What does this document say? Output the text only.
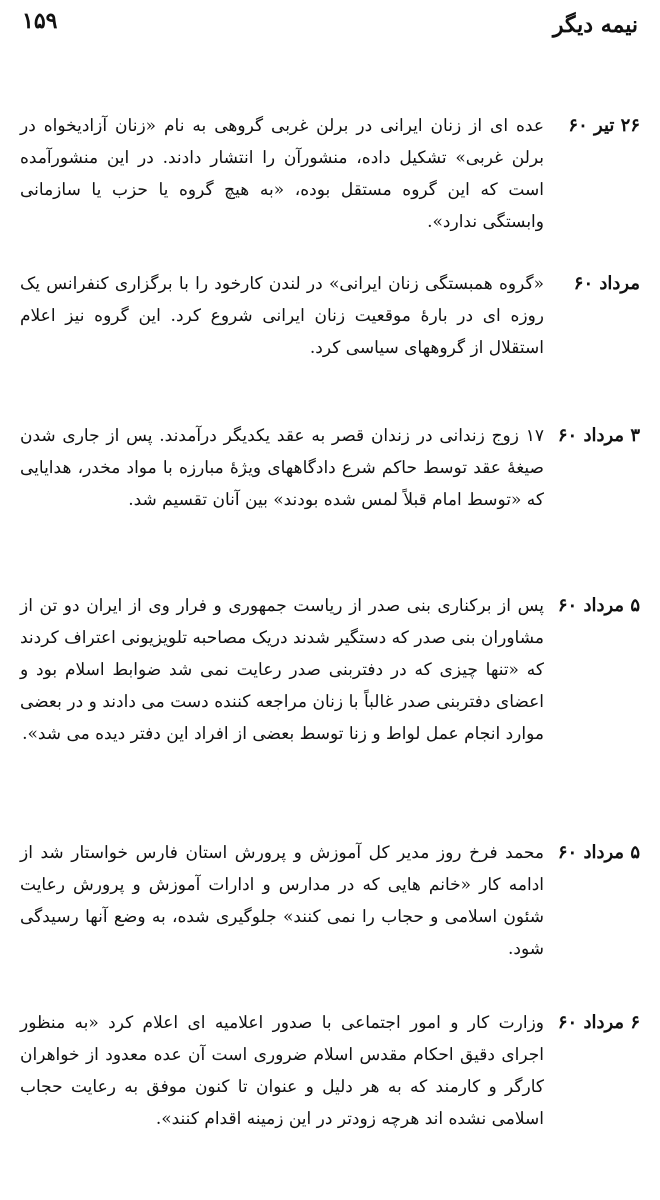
نیمه دیگر
۱۵۹
۲۶ تیر ۶۰

عده ای از زنان ایرانی در برلن غربی گروهی به نام «زنان آزادیخواه در برلن غربی» تشکیل داده، منشورآن را انتشار دادند. در این منشورآمده است که این گروه مستقل بوده، «به هیچ گروه یا حزب یا سازمانی وابستگی ندارد».

مرداد ۶۰

«گروه همبستگی زنان ایرانی» در لندن کارخود را با برگزاری کنفرانس یک روزه ای در بارهٔ موقعیت زنان ایرانی شروع کرد. این گروه نیز اعلام استقلال از گروههای سیاسی کرد.

۳ مرداد ۶۰

۱۷ زوج زندانی در زندان قصر به عقد یکدیگر درآمدند. پس از جاری شدن صیغهٔ عقد توسط حاکم شرع دادگاههای ویژهٔ مبارزه با مواد مخدر، هدایایی که «توسط امام قبلاً لمس شده بودند» بین آنان تقسیم شد.

۵ مرداد ۶۰

پس از برکناری بنی صدر از ریاست جمهوری و فرار وی از ایران دو تن از مشاوران بنی صدر که دستگیر شدند دریک مصاحبه تلویزیونی اعتراف کردند که «تنها چیزی که در دفتربنی صدر رعایت نمی شد ضوابط اسلام بود و اعضای دفتربنی صدر غالباً با زنان مراجعه کننده دست می دادند و در بعضی موارد انجام عمل لواط و زنا توسط بعضی از افراد این دفتر دیده می شد».

۵ مرداد ۶۰

محمد فرخ روز مدیر کل آموزش و پرورش استان فارس خواستار شد از ادامه کار «خانم هایی که در مدارس و ادارات آموزش و پرورش رعایت شئون اسلامی و حجاب را نمی کنند» جلوگیری شده، به وضع آنها رسیدگی شود.

۶ مرداد ۶۰

وزارت کار و امور اجتماعی با صدور اعلامیه ای اعلام کرد «به منظور اجرای دقیق احکام مقدس اسلام ضروری است آن عده معدود از خواهران کارگر و کارمند که به هر دلیل و عنوان تا کنون موفق به رعایت حجاب اسلامی نشده اند هرچه زودتر در این زمینه اقدام کنند».
